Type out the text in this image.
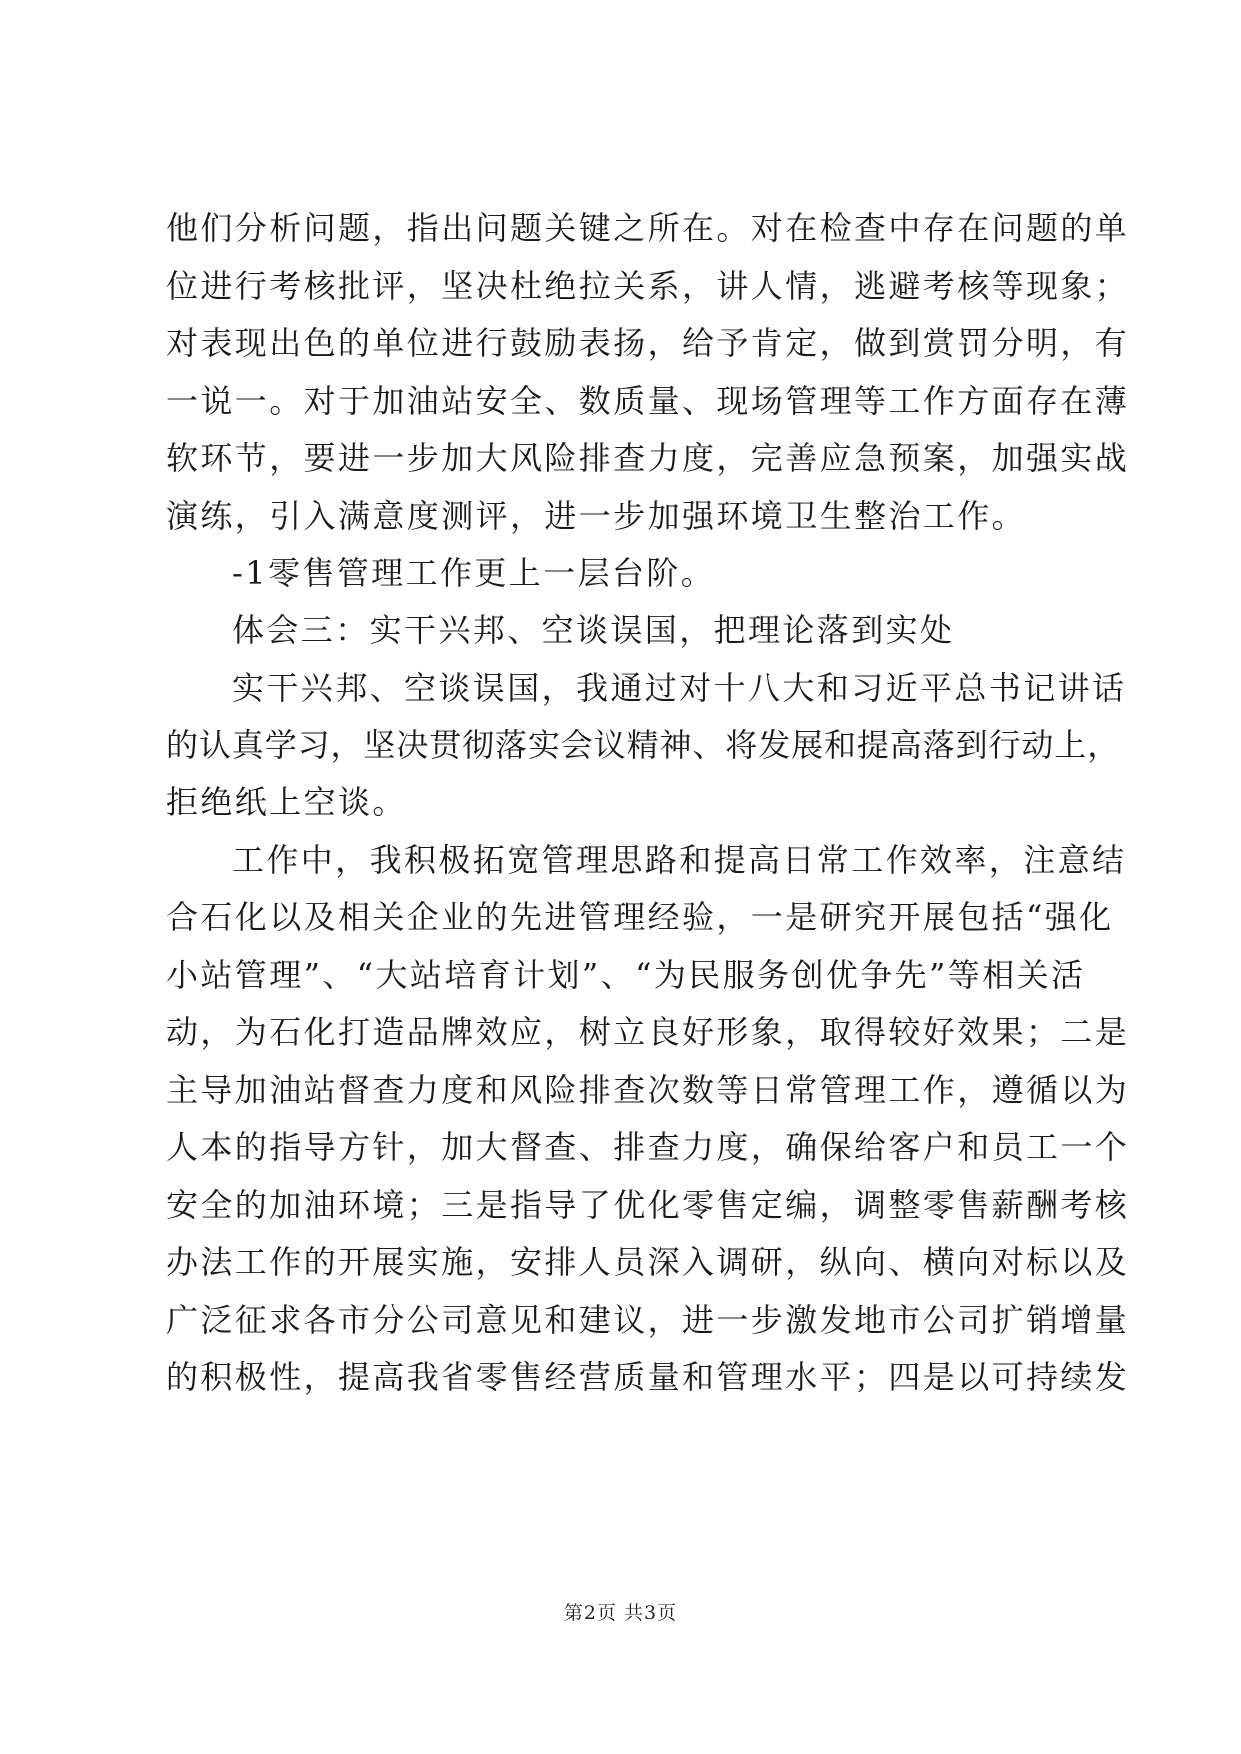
他们分析问题，指出问题关键之所在。对在检查中存在问题的单
位进行考核批评，坚决杜绝拉关系，讲人情，逃避考核等现象；
对表现出色的单位进行鼓励表扬，给予肯定，做到赏罚分明，有
一说一。对于加油站安全、数质量、现场管理等工作方面存在薄
软环节，要进一步加大风险排查力度，完善应急预案，加强实战
演练，引入满意度测评，进一步加强环境卫生整治工作。
-1零售管理工作更上一层台阶。
体会三：实干兴邦、空谈误国，把理论落到实处
实干兴邦、空谈误国，我通过对十八大和习近平总书记讲话
的认真学习，坚决贯彻落实会议精神、将发展和提高落到行动上，
拒绝纸上空谈。
工作中，我积极拓宽管理思路和提高日常工作效率，注意结
合石化以及相关企业的先进管理经验，一是研究开展包括“强化
小站管理”、“大站培育计划”、“为民服务创优争先”等相关活
动，为石化打造品牌效应，树立良好形象，取得较好效果；二是
主导加油站督查力度和风险排查次数等日常管理工作，遵循以为
人本的指导方针，加大督查、排查力度，确保给客户和员工一个
安全的加油环境；三是指导了优化零售定编，调整零售薪酬考核
办法工作的开展实施，安排人员深入调研，纵向、横向对标以及
广泛征求各市分公司意见和建议，进一步激发地市公司扩销增量
的积极性，提高我省零售经营质量和管理水平；四是以可持续发
第2页 共3页
